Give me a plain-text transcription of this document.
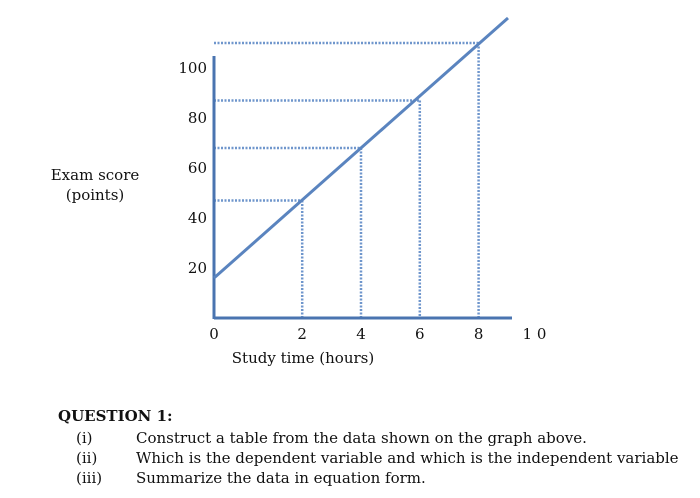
20
40
60
80
100
0	2	4	6	8	1 0
Study time (hours)
Exam score
(points)
QUESTION 1:
(i)	Construct a table from the data shown on the graph above.
(ii)	Which is the dependent variable and which is the independent variable
(iii)	Summarize the data in equation form.
